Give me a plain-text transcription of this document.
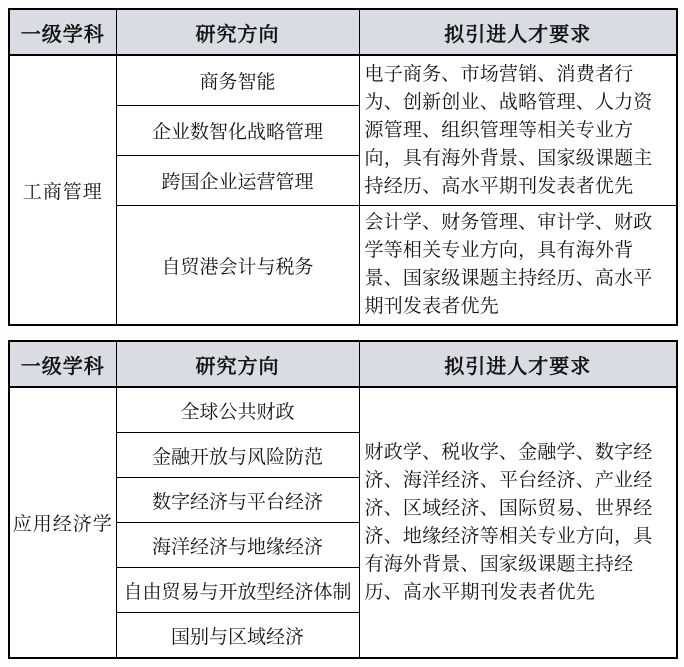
一级学科	研究方向	拟引进人才要求
工商管理	商务智能	电子商务、市场营销、消费者行为、创新创业、战略管理、人力资源管理、组织管理等相关专业方向，具有海外背景、国家级课题主持经历、高水平期刊发表者优先
	企业数智化战略管理	
	跨国企业运营管理	
	自贸港会计与税务	会计学、财务管理、审计学、财政学等相关专业方向，具有海外背景、国家级课题主持经历、高水平期刊发表者优先
一级学科	研究方向	拟引进人才要求
应用经济学	全球公共财政	财政学、税收学、金融学、数字经济、海洋经济、平台经济、产业经济、区域经济、国际贸易、世界经济、地缘经济等相关专业方向，具有海外背景、国家级课题主持经历、高水平期刊发表者优先
	金融开放与风险防范	
	数字经济与平台经济	
	海洋经济与地缘经济	
	自由贸易与开放型经济体制	
	国别与区域经济	
